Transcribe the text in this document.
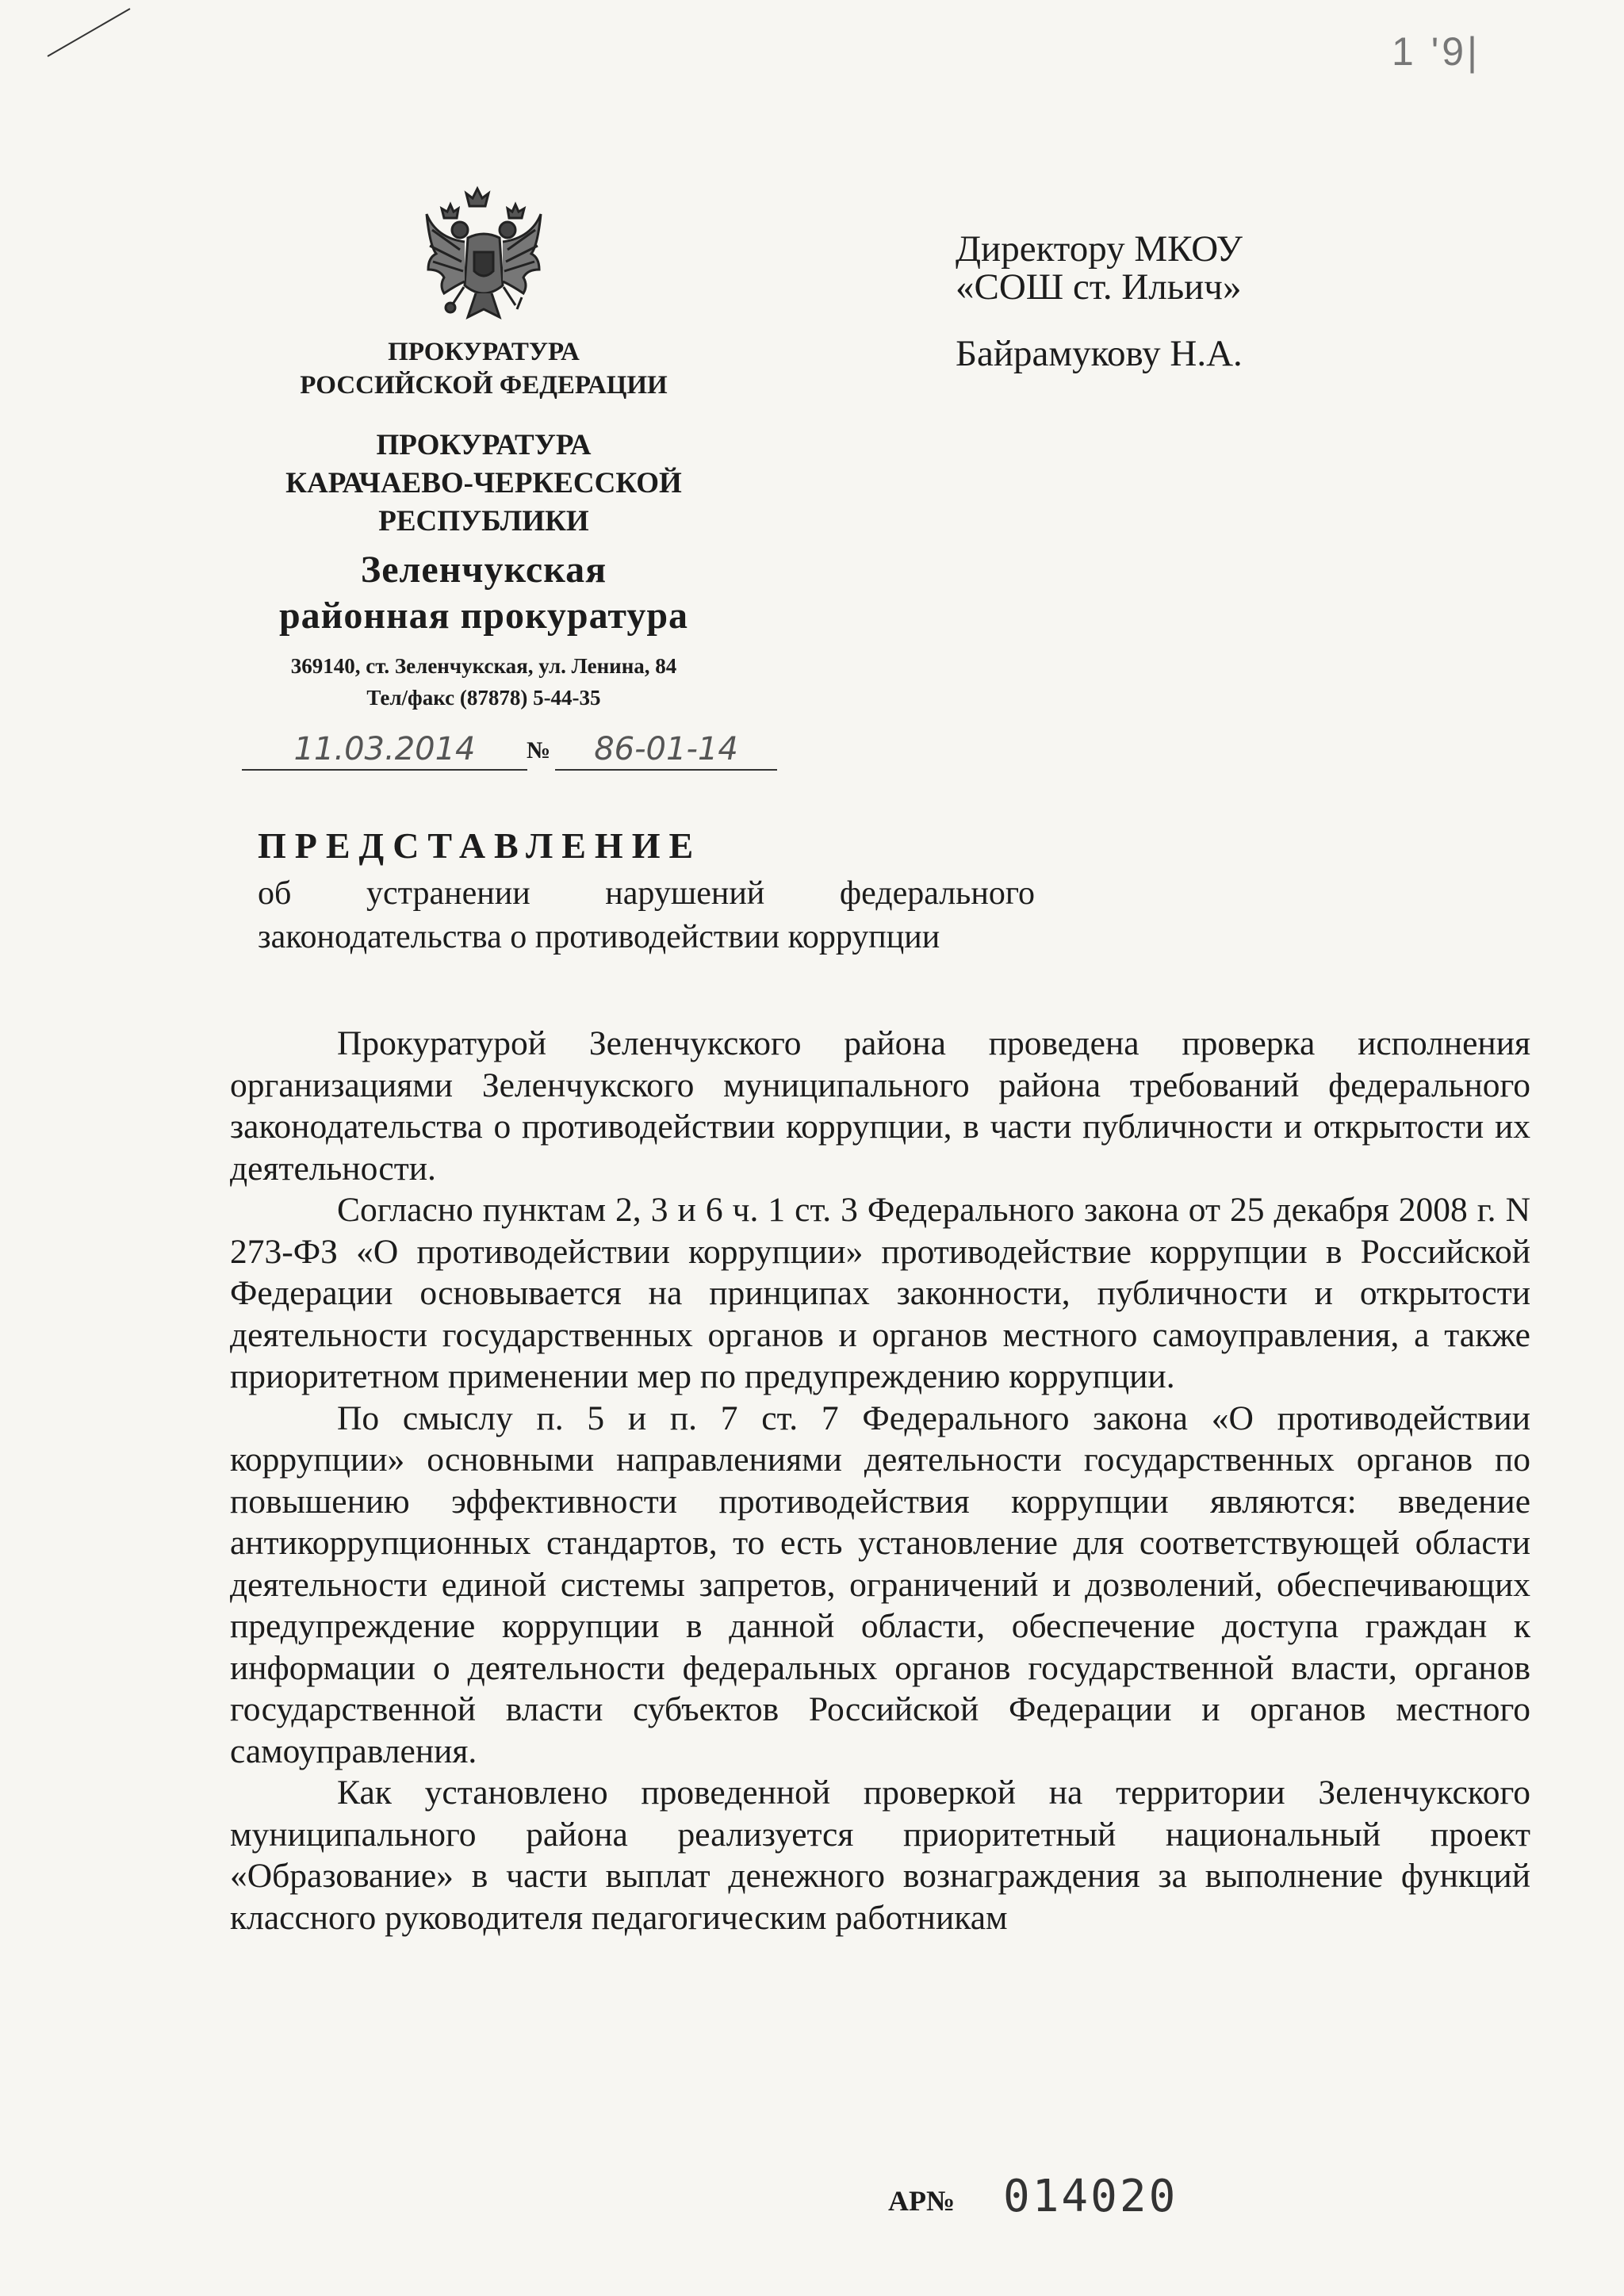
1 '9|
ПРОКУРАТУРА
РОССИЙСКОЙ ФЕДЕРАЦИИ
ПРОКУРАТУРА
КАРАЧАЕВО-ЧЕРКЕССКОЙ
РЕСПУБЛИКИ
Зеленчукская
районная прокуратура
369140, ст. Зеленчукская, ул. Ленина, 84
Тел/факс (87878) 5-44-35
11.03.2014	№	86-01-14
Директору МКОУ
«СОШ ст. Ильич»
Байрамукову Н.А.
ПРЕДСТАВЛЕНИЕ
об устранении нарушений федерального законодательства о противодействии коррупции

Прокуратурой Зеленчукского района проведена проверка исполнения организациями Зеленчукского муниципального района требований федерального законодательства о противодействии коррупции, в части публичности и открытости их деятельности.

Согласно пунктам 2, 3 и 6 ч. 1 ст. 3 Федерального закона от 25 декабря 2008 г. N 273-ФЗ «О противодействии коррупции» противодействие коррупции в Российской Федерации основывается на принципах законности, публичности и открытости деятельности государственных органов и органов местного самоуправления, а также приоритетном применении мер по предупреждению коррупции.

По смыслу п. 5 и п. 7 ст. 7 Федерального закона «О противодействии коррупции» основными направлениями деятельности государственных органов по повышению эффективности противодействия коррупции являются: введение антикоррупционных стандартов, то есть установление для соответствующей области деятельности единой системы запретов, ограничений и дозволений, обеспечивающих предупреждение коррупции в данной области, обеспечение доступа граждан к информации о деятельности федеральных органов государственной власти, органов государственной власти субъектов Российской Федерации и органов местного самоуправления.

Как установлено проведенной проверкой на территории Зеленчукского муниципального района реализуется приоритетный национальный проект «Образование» в части выплат денежного вознаграждения за выполнение функций классного руководителя педагогическим работникам

АР№ 014020
